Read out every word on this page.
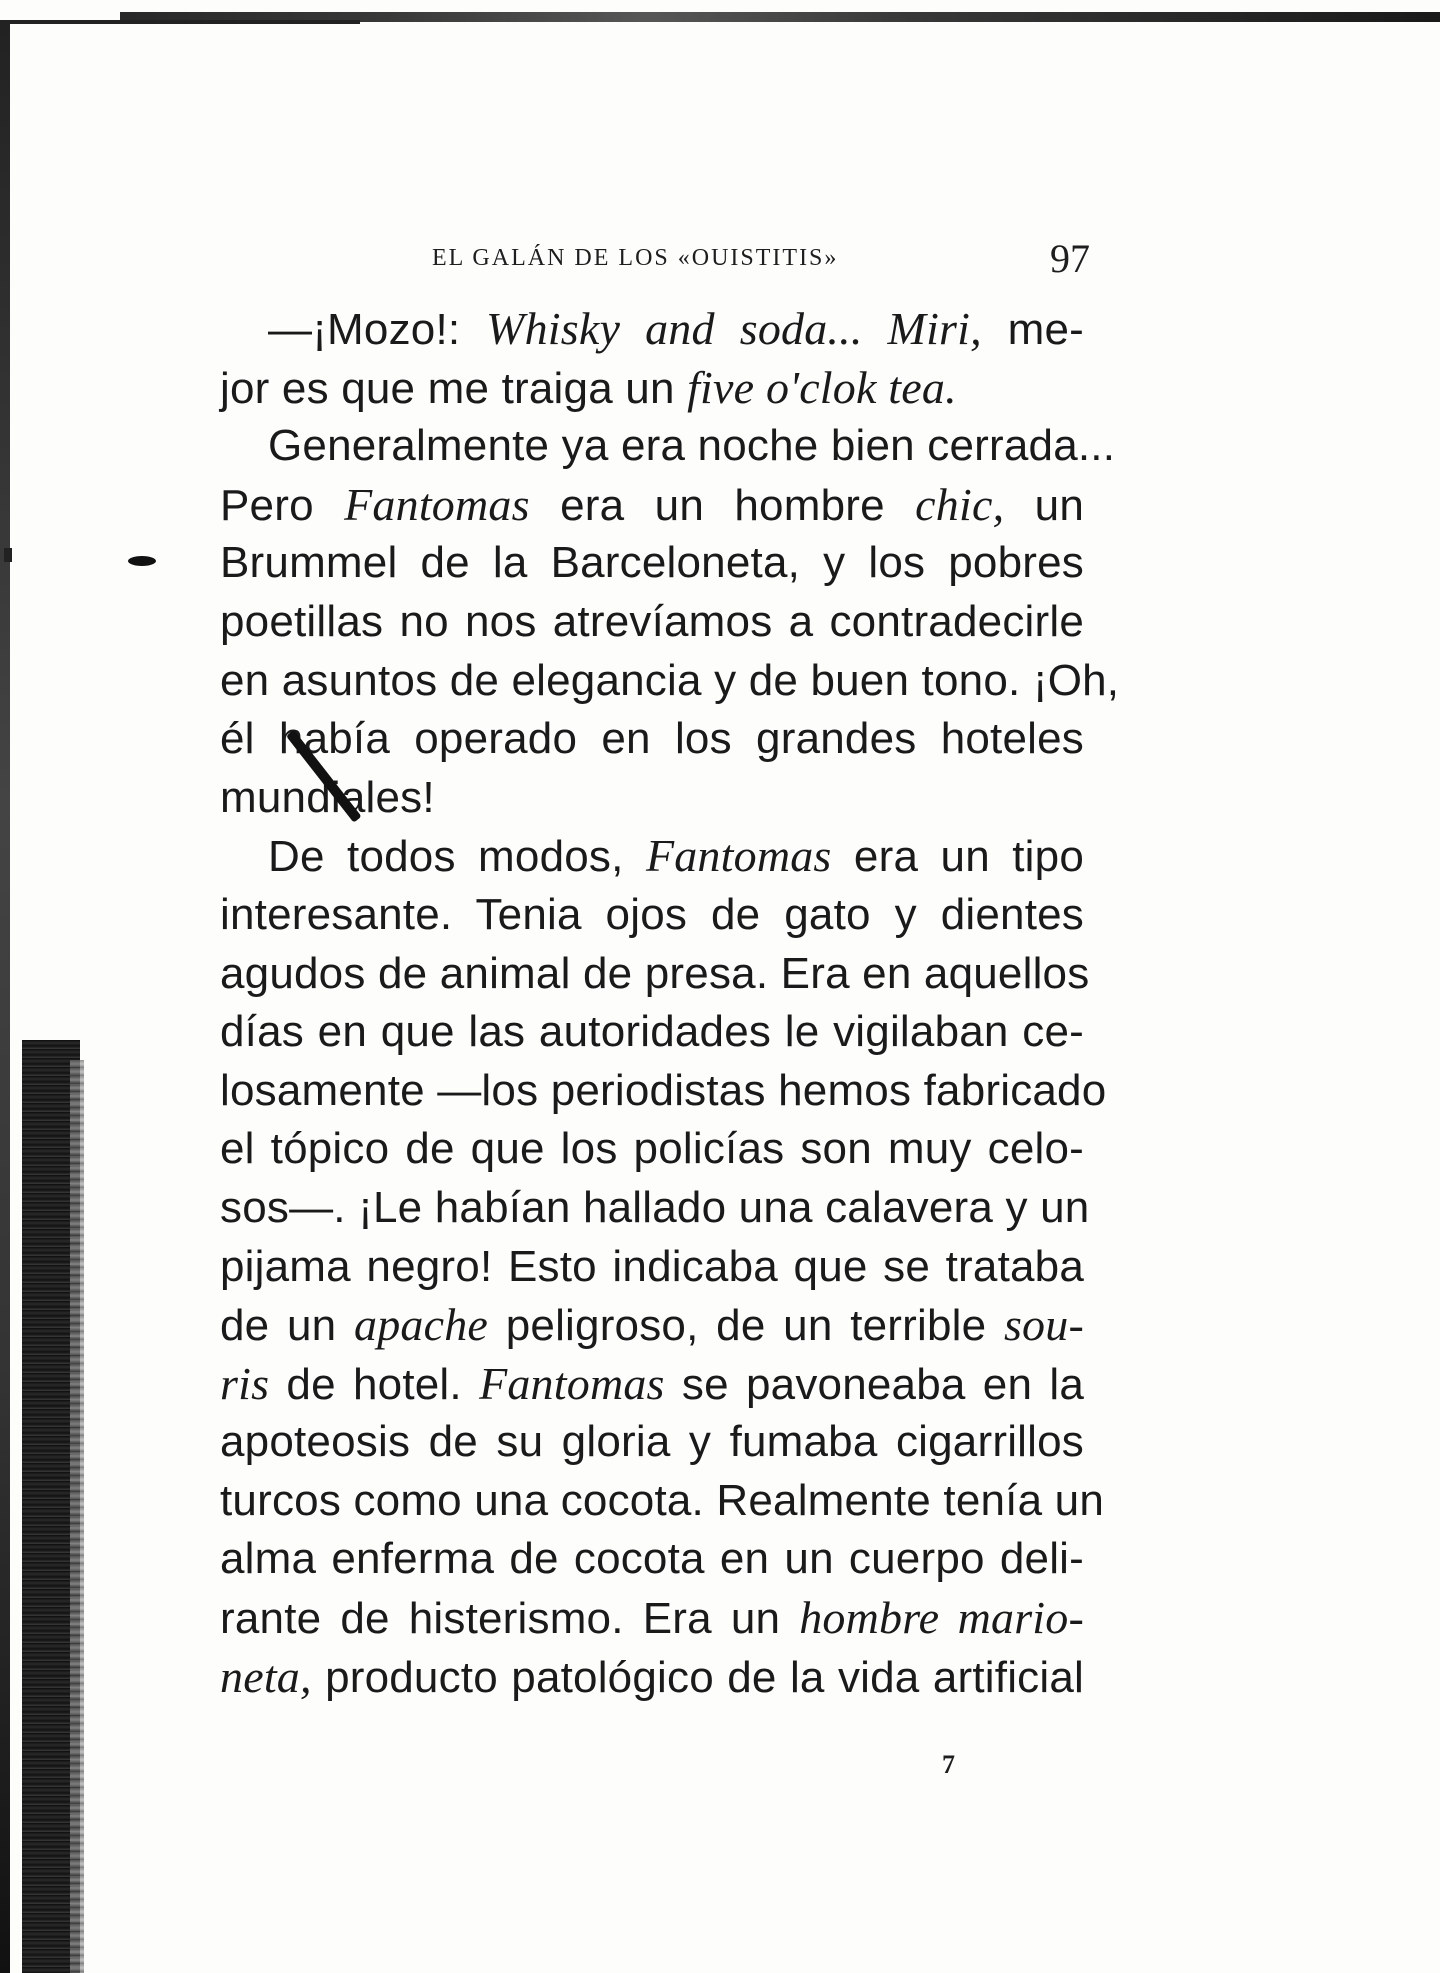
EL GALÁN DE LOS «OUISTITIS»	97
—¡Mozo!: Whisky and soda... Miri, me-
jor es que me traiga un five o'clok tea.
Generalmente ya era noche bien cerrada...
Pero Fantomas era un hombre chic, un
Brummel de la Barceloneta, y los pobres
poetillas no nos atrevíamos a contradecirle
en asuntos de elegancia y de buen tono. ¡Oh,
él había operado en los grandes hoteles
mundiales!
De todos modos, Fantomas era un tipo
interesante. Tenia ojos de gato y dientes
agudos de animal de presa. Era en aquellos
días en que las autoridades le vigilaban ce-
losamente —los periodistas hemos fabricado
el tópico de que los policías son muy celo-
sos—. ¡Le habían hallado una calavera y un
pijama negro! Esto indicaba que se trataba
de un apache peligroso, de un terrible sou-
ris de hotel. Fantomas se pavoneaba en la
apoteosis de su gloria y fumaba cigarrillos
turcos como una cocota. Realmente tenía un
alma enferma de cocota en un cuerpo deli-
rante de histerismo. Era un hombre mario-
neta, producto patológico de la vida artificial
7
